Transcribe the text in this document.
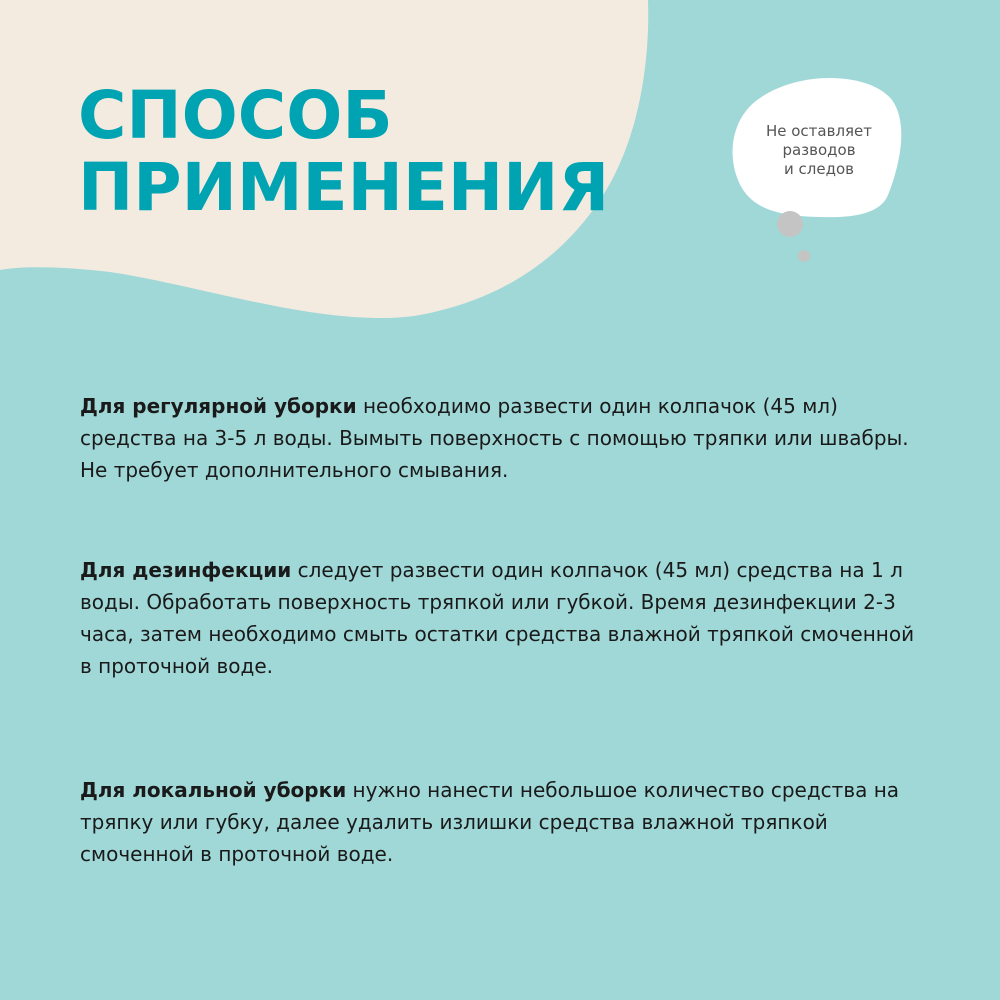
СПОСОБ
ПРИМЕНЕНИЯ
Не оставляет
разводов
и следов

Для регулярной уборки необходимо развести один колпачок (45 мл) средства на 3-5 л воды. Вымыть поверхность с помощью тряпки или швабры. Не требует дополнительного смывания.

Для дезинфекции следует развести один колпачок (45 мл) средства на 1 л воды. Обработать поверхность тряпкой или губкой. Время дезинфекции 2-3 часа, затем необходимо смыть остатки средства влажной тряпкой смоченной в проточной воде.

Для локальной уборки нужно нанести небольшое количество средства на тряпку или губку, далее удалить излишки средства влажной тряпкой смоченной в проточной воде.
